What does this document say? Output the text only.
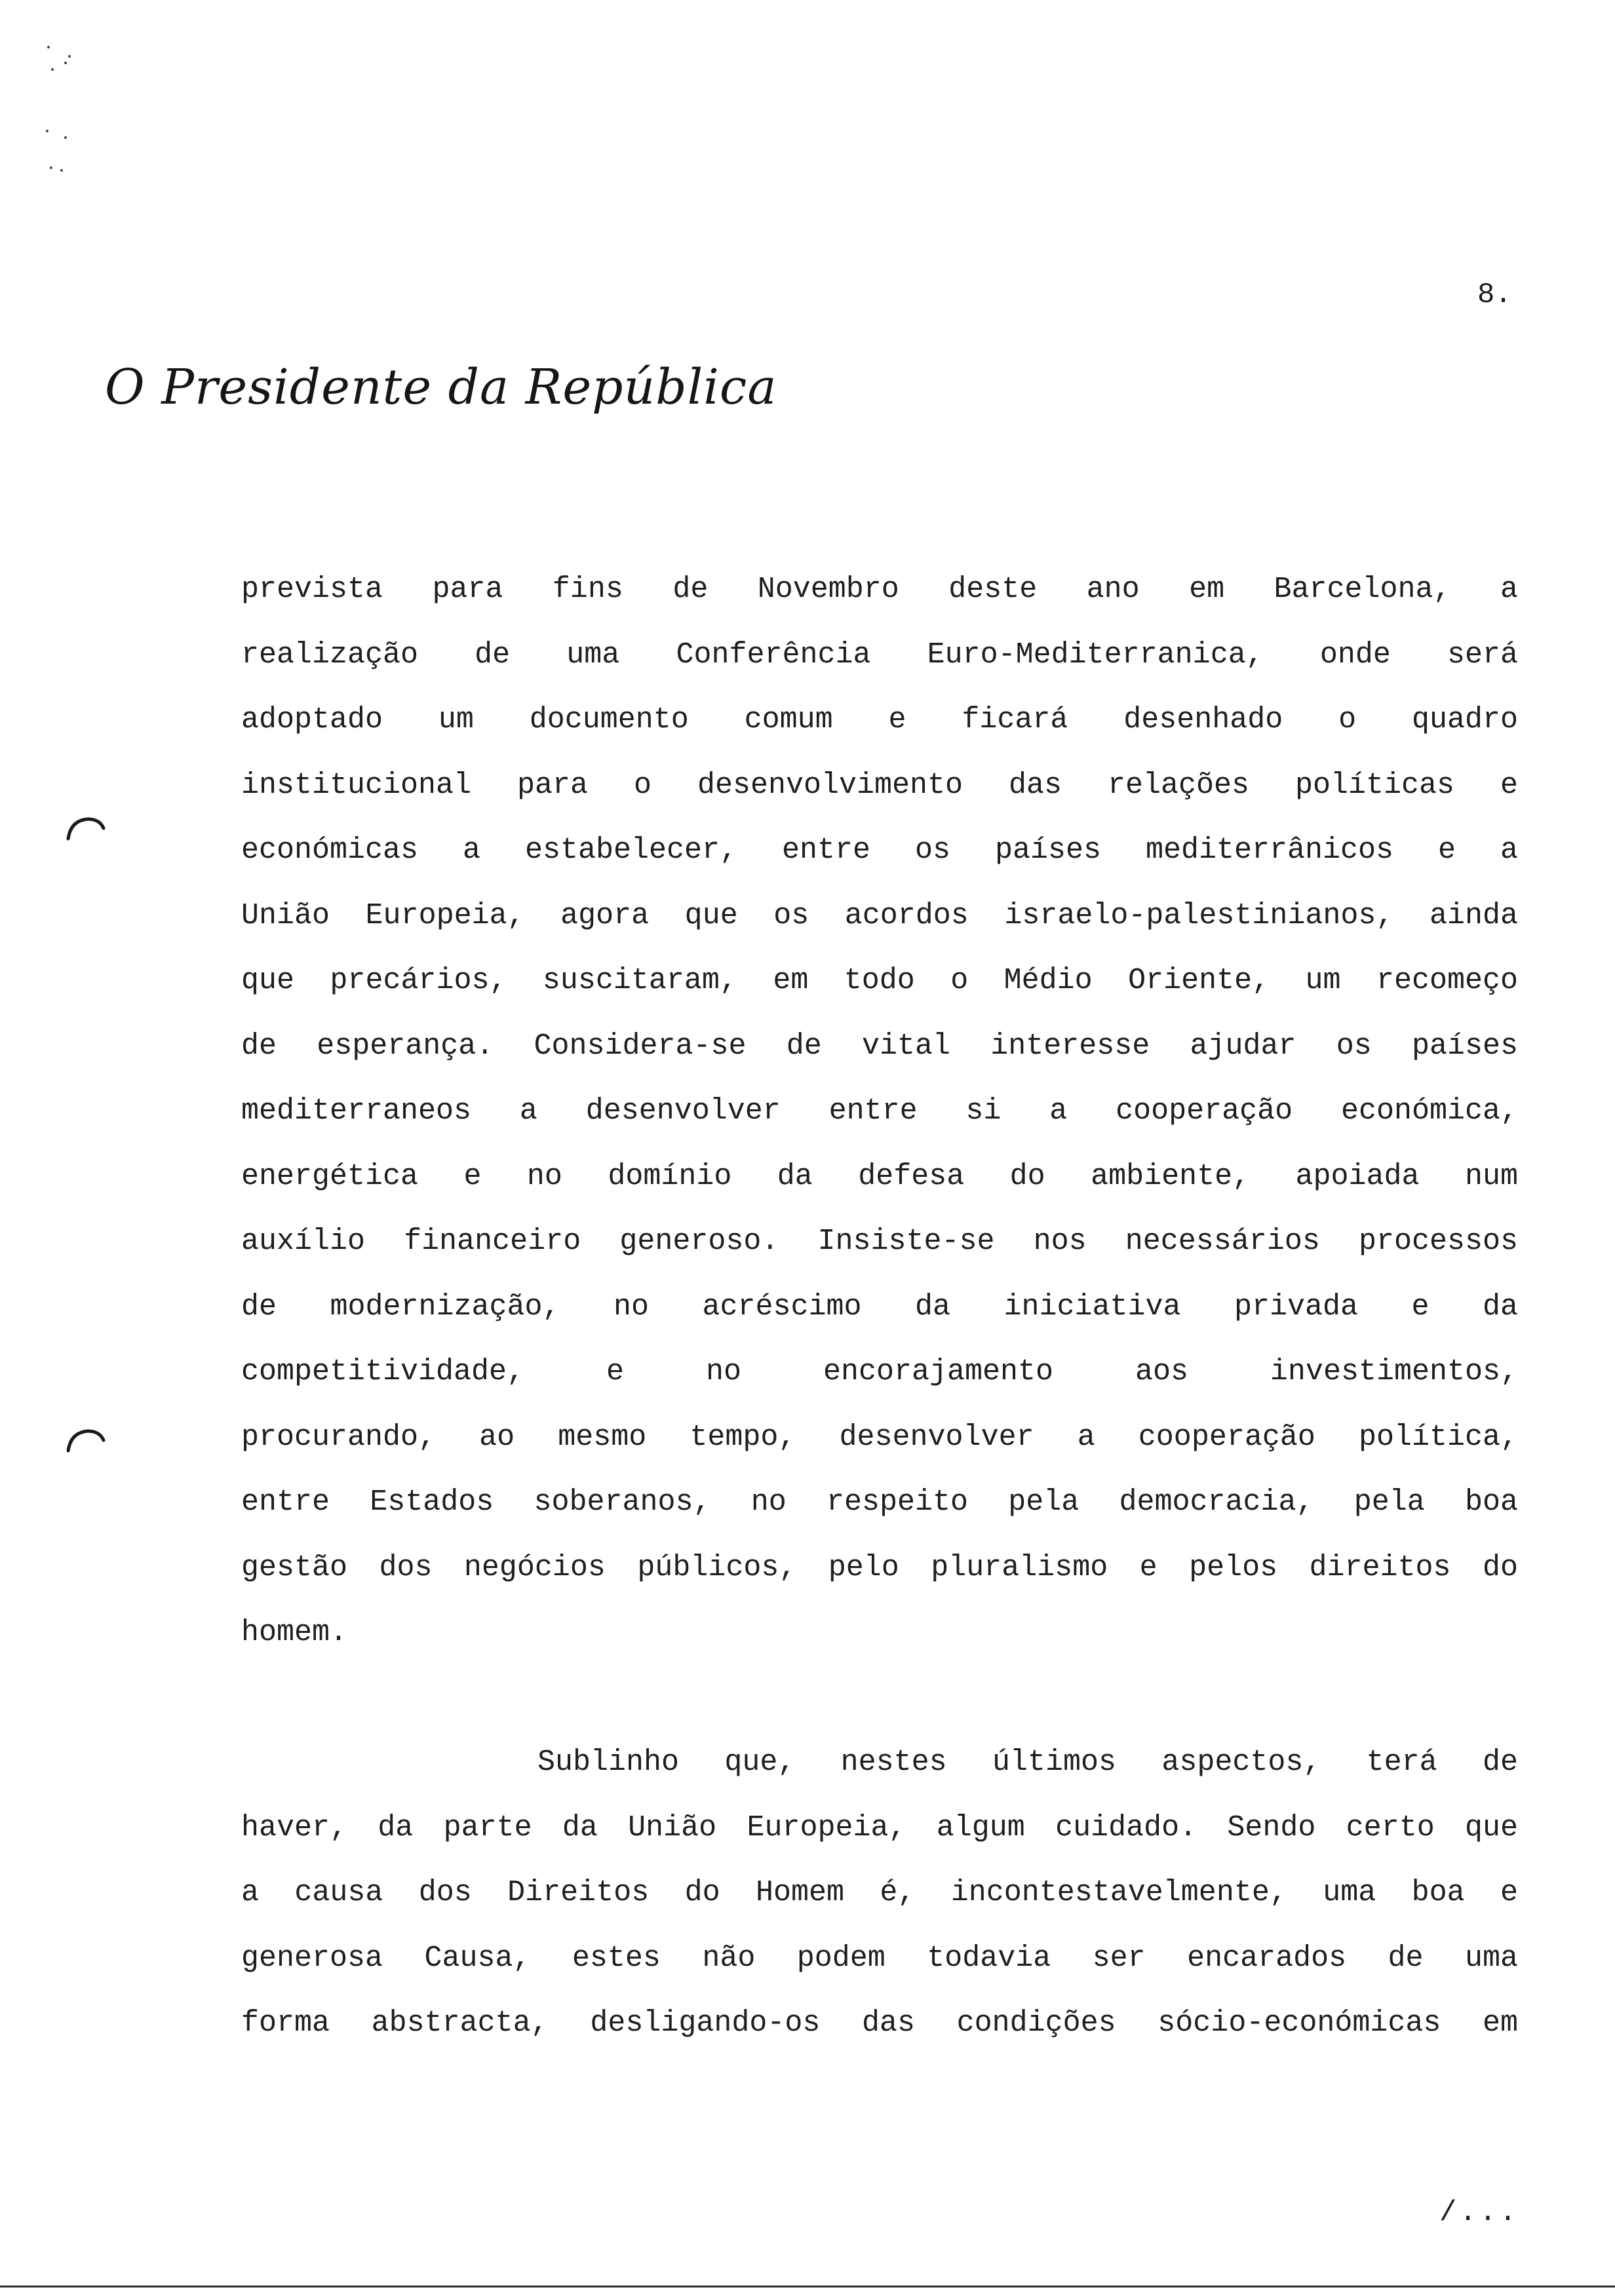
8.
O Presidente da República

prevista para fins de Novembro deste ano em Barcelona, a
realização de uma Conferência Euro-Mediterranica, onde será
adoptado um documento comum e ficará desenhado o quadro
institucional para o desenvolvimento das relações políticas e
económicas a estabelecer, entre os países mediterrânicos e a
União Europeia, agora que os acordos israelo-palestinianos, ainda
que precários, suscitaram, em todo o Médio Oriente, um recomeço
de esperança. Considera-se de vital interesse ajudar os países
mediterraneos a desenvolver entre si a cooperação económica,
energética e no domínio da defesa do ambiente, apoiada num
auxílio financeiro generoso. Insiste-se nos necessários processos
de modernização, no acréscimo da iniciativa privada e da
competitividade, e no encorajamento aos investimentos,
procurando, ao mesmo tempo, desenvolver a cooperação política,
entre Estados soberanos, no respeito pela democracia, pela boa
gestão dos negócios públicos, pelo pluralismo e pelos direitos do
homem.

Sublinho que, nestes últimos aspectos, terá de
haver, da parte da União Europeia, algum cuidado. Sendo certo que
a causa dos Direitos do Homem é, incontestavelmente, uma boa e
generosa Causa, estes não podem todavia ser encarados de uma
forma abstracta, desligando-os das condições sócio-económicas em

/...
